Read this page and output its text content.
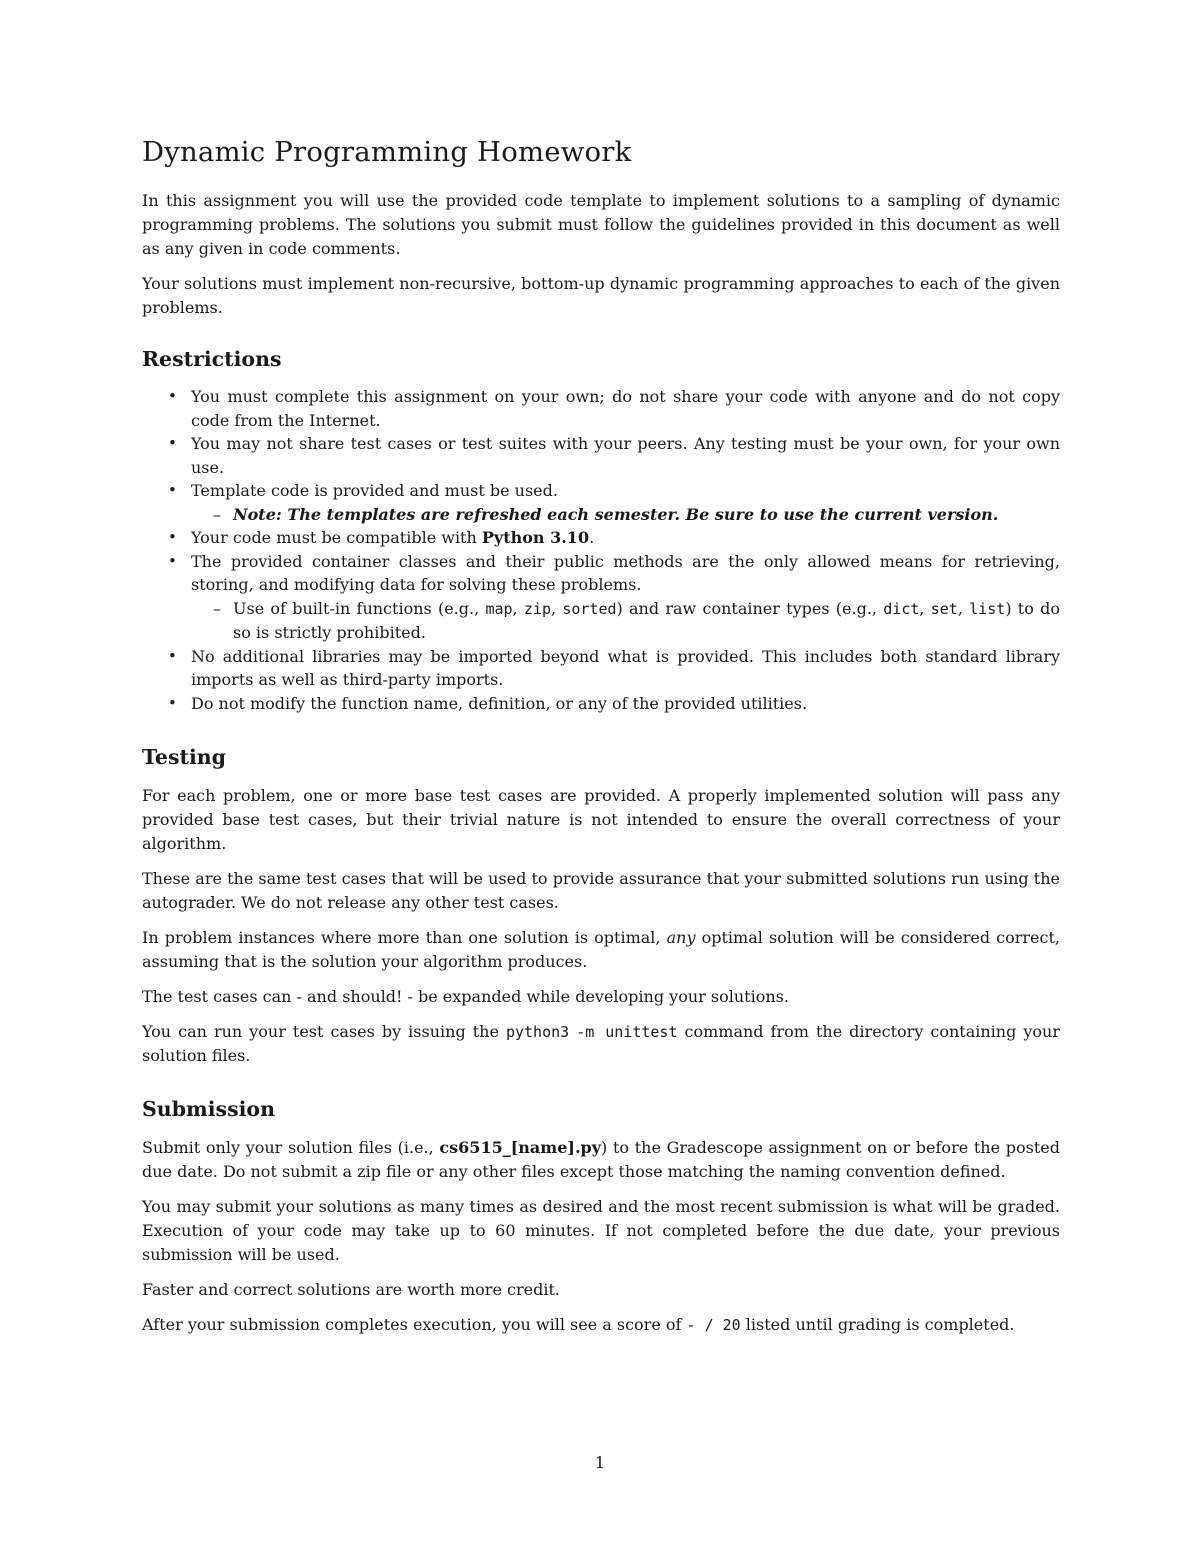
Dynamic Programming Homework

In this assignment you will use the provided code template to implement solutions to a sampling of dynamic programming problems. The solutions you submit must follow the guidelines provided in this document as well as any given in code comments.

Your solutions must implement non-recursive, bottom-up dynamic programming approaches to each of the given problems.

Restrictions
• You must complete this assignment on your own; do not share your code with anyone and do not copy code from the Internet.
• You may not share test cases or test suites with your peers. Any testing must be your own, for your own use.
• Template code is provided and must be used.
– Note: The templates are refreshed each semester. Be sure to use the current version.
• Your code must be compatible with Python 3.10.
• The provided container classes and their public methods are the only allowed means for retrieving, storing, and modifying data for solving these problems.
– Use of built-in functions (e.g., map, zip, sorted) and raw container types (e.g., dict, set, list) to do so is strictly prohibited.
• No additional libraries may be imported beyond what is provided. This includes both standard library imports as well as third-party imports.
• Do not modify the function name, definition, or any of the provided utilities.
Testing

For each problem, one or more base test cases are provided. A properly implemented solution will pass any provided base test cases, but their trivial nature is not intended to ensure the overall correctness of your algorithm.

These are the same test cases that will be used to provide assurance that your submitted solutions run using the autograder. We do not release any other test cases.

In problem instances where more than one solution is optimal, any optimal solution will be considered correct, assuming that is the solution your algorithm produces.

The test cases can - and should! - be expanded while developing your solutions.

You can run your test cases by issuing the python3 -m unittest command from the directory containing your solution files.

Submission

Submit only your solution files (i.e., cs6515_[name].py) to the Gradescope assignment on or before the posted due date. Do not submit a zip file or any other files except those matching the naming convention defined.

You may submit your solutions as many times as desired and the most recent submission is what will be graded. Execution of your code may take up to 60 minutes. If not completed before the due date, your previous submission will be used.

Faster and correct solutions are worth more credit.

After your submission completes execution, you will see a score of - / 20 listed until grading is completed.

1
